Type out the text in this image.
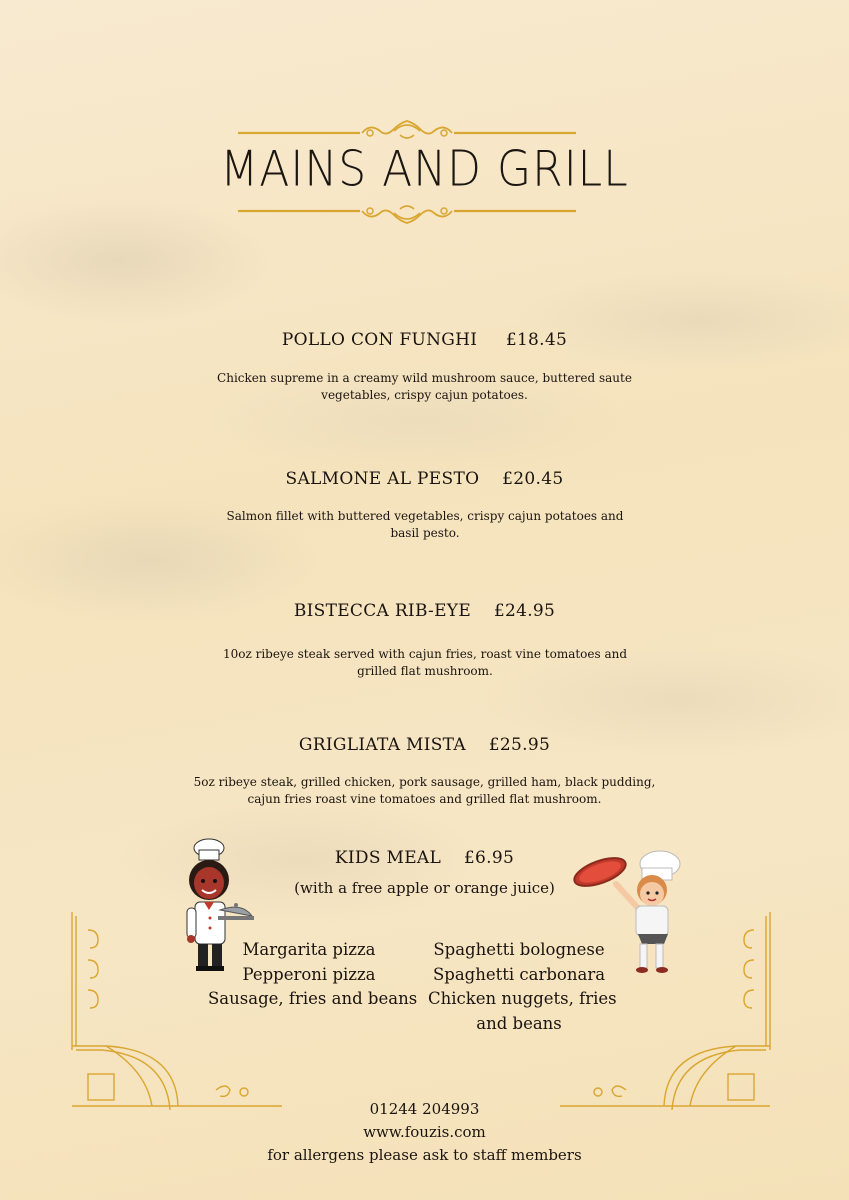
MAINS AND GRILL
POLLO CON FUNGHI £18.45
Chicken supreme in a creamy wild mushroom sauce, buttered saute vegetables, crispy cajun potatoes.
SALMONE AL PESTO £20.45
Salmon fillet with buttered vegetables, crispy cajun potatoes and basil pesto.
BISTECCA RIB-EYE £24.95
10oz ribeye steak served with cajun fries, roast vine tomatoes and grilled flat mushroom.
GRIGLIATA MISTA £25.95
5oz ribeye steak, grilled chicken, pork sausage, grilled ham, black pudding, cajun fries roast vine tomatoes and grilled flat mushroom.
KIDS MEAL £6.95
(with a free apple or orange juice)
Margarita pizza
Pepperoni pizza
Sausage, fries and beans
Spaghetti bolognese
Spaghetti carbonara
Chicken nuggets, fries
and beans
01244 204993
www.fouzis.com
for allergens please ask to staff members
